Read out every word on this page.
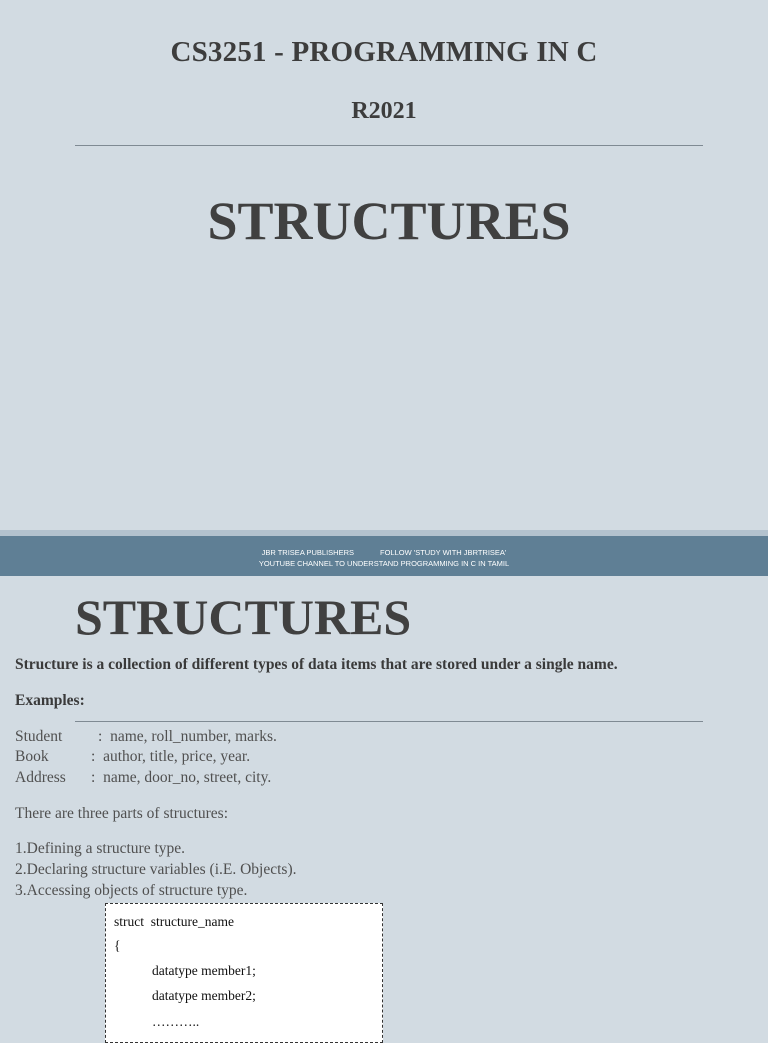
CS3251 - PROGRAMMING IN C
R2021
STRUCTURES
JBR TRISEA PUBLISHERS	FOLLOW 'STUDY WITH JBRTRISEA'
YOUTUBE CHANNEL TO UNDERSTAND PROGRAMMING IN C IN TAMIL
STRUCTURES
Structure is a collection of different types of data items that are stored under a single name.
Examples:
Student : name, roll_number, marks.
Book	: author, title, price, year.
Address : name, door_no, street, city.
There are three parts of structures:
1.Defining a structure type.
2.Declaring structure variables (i.E. Objects).
3.Accessing objects of structure type.
struct  structure_name
{
datatype member1;
datatype member2;
………..
